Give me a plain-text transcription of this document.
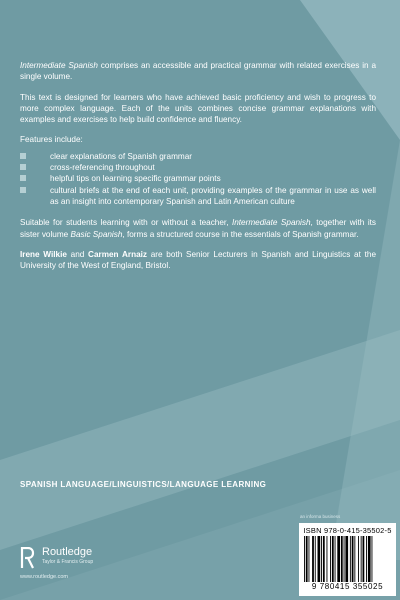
Intermediate Spanish comprises an accessible and practical grammar with related exercises in a single volume.

This text is designed for learners who have achieved basic proficiency and wish to progress to more complex language. Each of the units combines concise grammar explanations with examples and exercises to help build confidence and fluency.

Features include:

clear explanations of Spanish grammar
cross-referencing throughout
helpful tips on learning specific grammar points
cultural briefs at the end of each unit, providing examples of the grammar in use as well as an insight into contemporary Spanish and Latin American culture

Suitable for students learning with or without a teacher, Intermediate Spanish, together with its sister volume Basic Spanish, forms a structured course in the essentials of Spanish grammar.

Irene Wilkie and Carmen Arnaiz are both Senior Lecturers in Spanish and Linguistics at the University of the West of England, Bristol.

SPANISH LANGUAGE/LINGUISTICS/LANGUAGE LEARNING
an informa business
ISBN 978-0-415-35502-5
9 780415 355025
Routledge
Taylor & Francis Group
www.routledge.com
